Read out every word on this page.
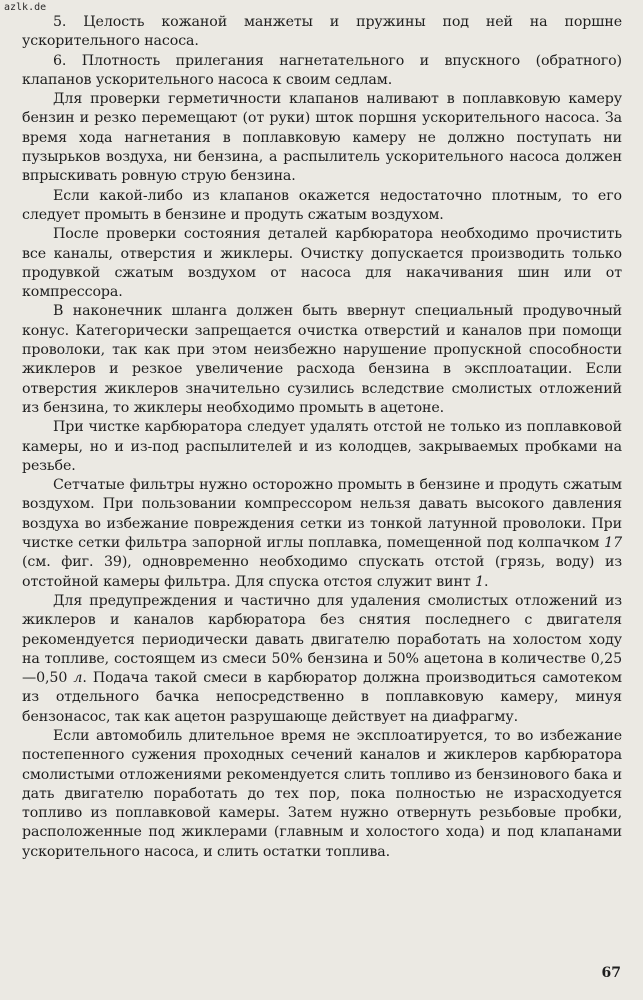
azlk.de

5. Целость кожаной манжеты и пружины под ней на поршне ускорительного насоса.

6. Плотность прилегания нагнетательного и впускного (обратного) клапанов ускорительного насоса к своим седлам.

Для проверки герметичности клапанов наливают в поплавковую камеру бензин и резко перемещают (от руки) шток поршня ускорительного насоса. За время хода нагнетания в поплавковую камеру не должно поступать ни пузырьков воздуха, ни бензина, а распылитель ускорительного насоса должен впрыскивать ровную струю бензина.

Если какой-либо из клапанов окажется недостаточно плотным, то его следует промыть в бензине и продуть сжатым воздухом.

После проверки состояния деталей карбюратора необходимо прочистить все каналы, отверстия и жиклеры. Очистку допускается производить только продувкой сжатым воздухом от насоса для накачивания шин или от компрессора.

В наконечник шланга должен быть ввернут специальный продувочный конус. Категорически запрещается очистка отверстий и каналов при помощи проволоки, так как при этом неизбежно нарушение пропускной способности жиклеров и резкое увеличение расхода бензина в эксплоатации. Если отверстия жиклеров значительно сузились вследствие смолистых отложений из бензина, то жиклеры необходимо промыть в ацетоне.

При чистке карбюратора следует удалять отстой не только из поплавковой камеры, но и из-под распылителей и из колодцев, закрываемых пробками на резьбе.

Сетчатые фильтры нужно осторожно промыть в бензине и продуть сжатым воздухом. При пользовании компрессором нельзя давать высокого давления воздуха во избежание повреждения сетки из тонкой латунной проволоки. При чистке сетки фильтра запорной иглы поплавка, помещенной под колпачком 17 (см. фиг. 39), одновременно необходимо спускать отстой (грязь, воду) из отстойной камеры фильтра. Для спуска отстоя служит винт 1.

Для предупреждения и частично для удаления смолистых отложений из жиклеров и каналов карбюратора без снятия последнего с двигателя рекомендуется периодически давать двигателю поработать на холостом ходу на топливе, состоящем из смеси 50% бензина и 50% ацетона в количестве 0,25—0,50 л. Подача такой смеси в карбюратор должна производиться самотеком из отдельного бачка непосредственно в поплавковую камеру, минуя бензонасос, так как ацетон разрушающе действует на диафрагму.

Если автомобиль длительное время не эксплоатируется, то во избежание постепенного сужения проходных сечений каналов и жиклеров карбюратора смолистыми отложениями рекомендуется слить топливо из бензинового бака и дать двигателю поработать до тех пор, пока полностью не израсходуется топливо из поплавковой камеры. Затем нужно отвернуть резьбовые пробки, расположенные под жиклерами (главным и холостого хода) и под клапанами ускорительного насоса, и слить остатки топлива.

67
